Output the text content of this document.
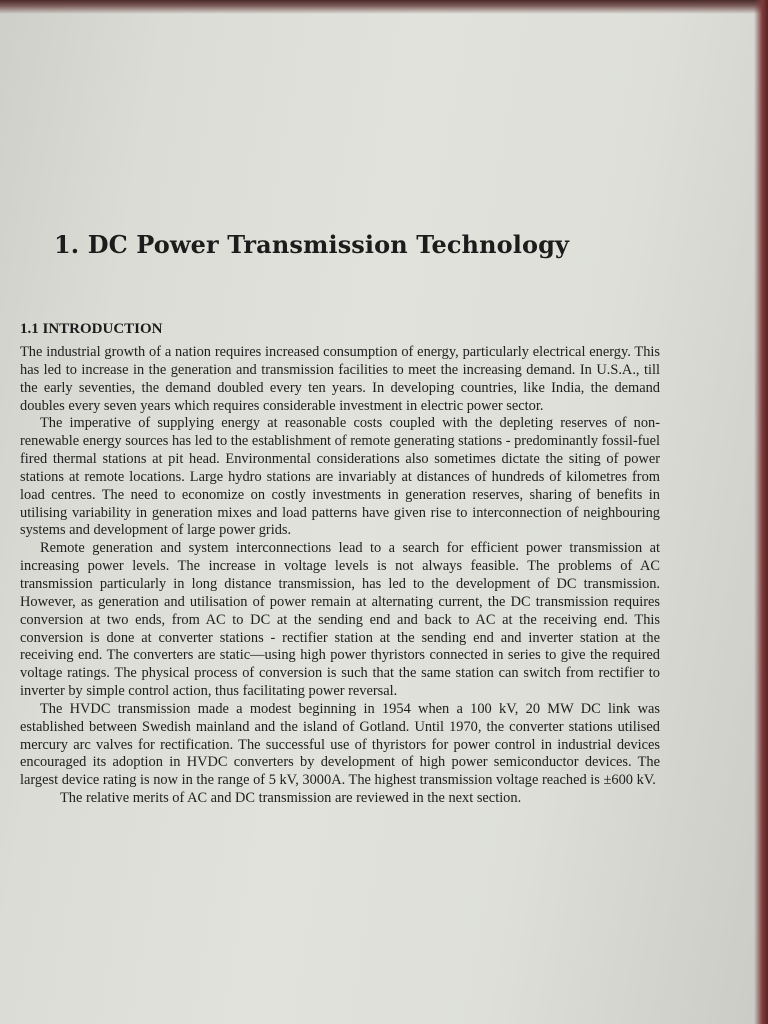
1. DC Power Transmission Technology
1.1 INTRODUCTION

The industrial growth of a nation requires increased consumption of energy, particularly electrical energy. This has led to increase in the generation and transmission facilities to meet the increasing demand. In U.S.A., till the early seventies, the demand doubled every ten years. In developing countries, like India, the demand doubles every seven years which requires considerable investment in electric power sector.

The imperative of supplying energy at reasonable costs coupled with the depleting reserves of non-renewable energy sources has led to the establishment of remote generating stations - predominantly fossil-fuel fired thermal stations at pit head. Environmental considerations also sometimes dictate the siting of power stations at remote locations. Large hydro stations are invariably at distances of hundreds of kilometres from load centres. The need to economize on costly investments in generation reserves, sharing of benefits in utilising variability in generation mixes and load patterns have given rise to interconnection of neighbouring systems and development of large power grids.

Remote generation and system interconnections lead to a search for efficient power transmission at increasing power levels. The increase in voltage levels is not always feasible. The problems of AC transmission particularly in long distance transmission, has led to the development of DC transmission. However, as generation and utilisation of power remain at alternating current, the DC transmission requires conversion at two ends, from AC to DC at the sending end and back to AC at the receiving end. This conversion is done at converter stations - rectifier station at the sending end and inverter station at the receiving end. The converters are static—using high power thyristors connected in series to give the required voltage ratings. The physical process of conversion is such that the same station can switch from rectifier to inverter by simple control action, thus facilitating power reversal.

The HVDC transmission made a modest beginning in 1954 when a 100 kV, 20 MW DC link was established between Swedish mainland and the island of Gotland. Until 1970, the converter stations utilised mercury arc valves for rectification. The successful use of thyristors for power control in industrial devices encouraged its adoption in HVDC converters by development of high power semiconductor devices. The largest device rating is now in the range of 5 kV, 3000A. The highest transmission voltage reached is ±600 kV.

The relative merits of AC and DC transmission are reviewed in the next section.
